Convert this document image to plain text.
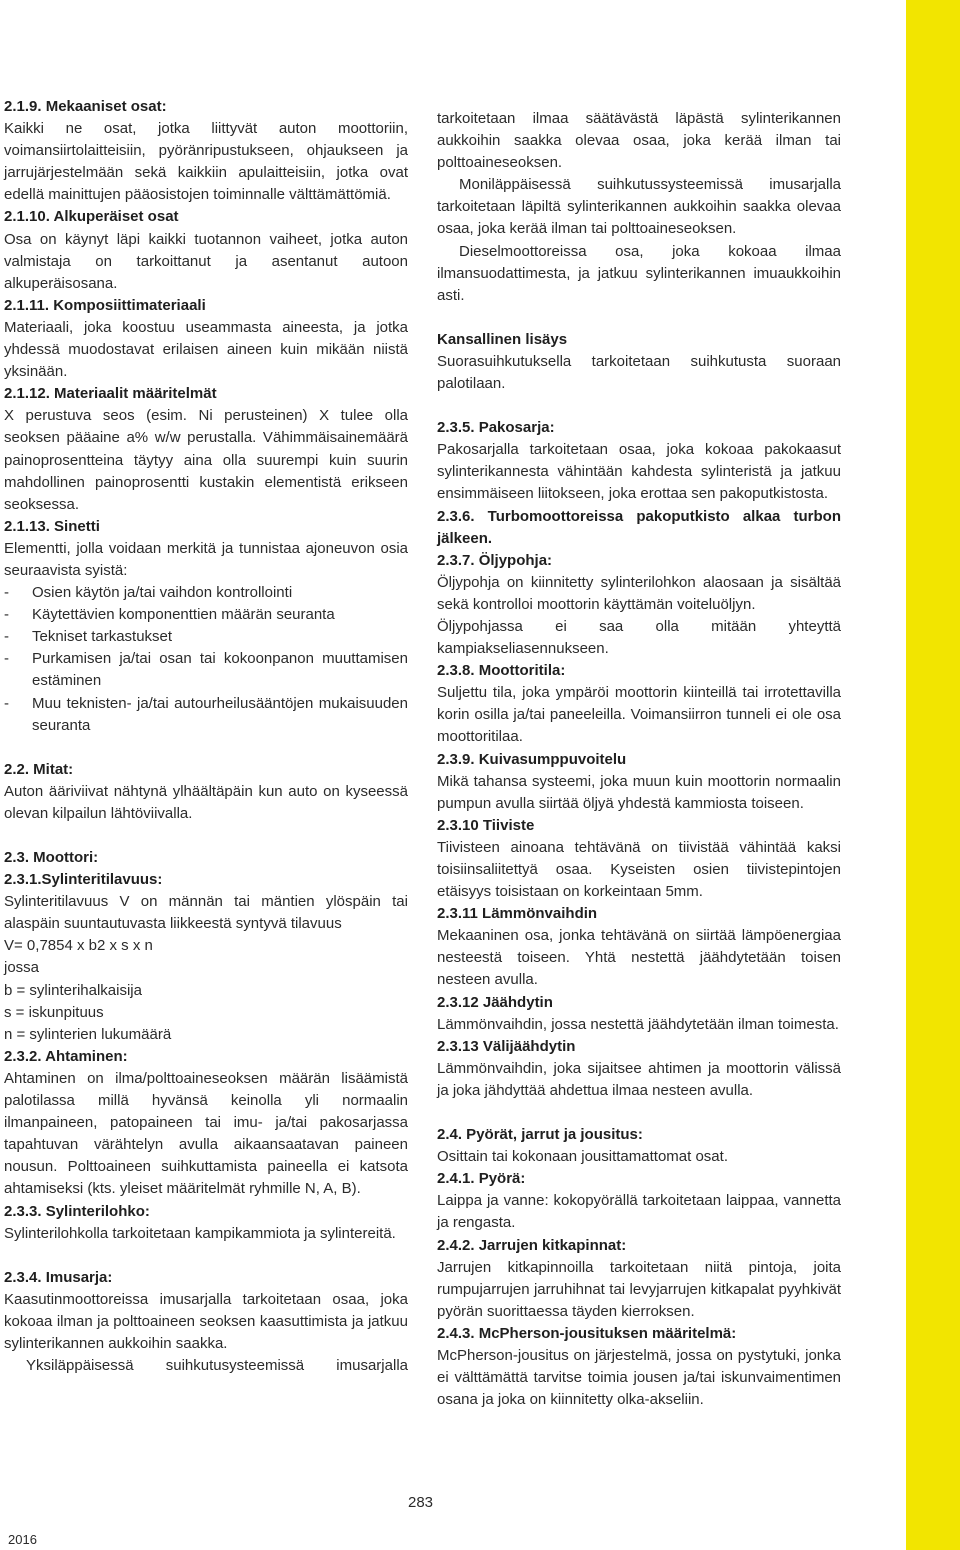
2.1.9. Mekaaniset osat:

Kaikki ne osat, jotka liittyvät auton moottoriin, voimansiirtolaitteisiin, pyöränripustukseen, ohjaukseen ja jarrujärjestelmään sekä kaikkiin apulaitteisiin, jotka ovat edellä mainittujen pääosistojen toiminnalle välttämättömiä.

2.1.10. Alkuperäiset osat

Osa on käynyt läpi kaikki tuotannon vaiheet, jotka auton valmistaja on tarkoittanut ja asentanut autoon alkuperäisosana.

2.1.11. Komposiittimateriaali

Materiaali, joka koostuu useammasta aineesta, ja jotka yhdessä muodostavat erilaisen aineen kuin mikään niistä yksinään.

2.1.12. Materiaalit määritelmät

X perustuva seos (esim. Ni perusteinen) X tulee olla seoksen pääaine a% w/w perustalla. Vähimmäisainemäärä painoprosentteina täytyy aina olla suurempi kuin suurin mahdollinen painoprosentti kustakin elementistä erikseen seoksessa.

2.1.13. Sinetti

Elementti, jolla voidaan merkitä ja tunnistaa ajoneuvon osia seuraavista syistä:

- Osien käytön ja/tai vaihdon kontrollointi
- Käytettävien komponenttien määrän seuranta
- Tekniset tarkastukset
- Purkamisen ja/tai osan tai kokoonpanon muuttamisen estäminen
- Muu teknisten- ja/tai autourheilusääntöjen mukaisuuden seuranta

2.2. Mitat:

Auton ääriviivat nähtynä ylhäältäpäin kun auto on kyseessä olevan kilpailun lähtöviivalla.

2.3. Moottori:

2.3.1.Sylinteritilavuus:

Sylinteritilavuus V on männän tai mäntien ylöspäin tai alaspäin suuntautuvasta liikkeestä syntyvä tilavuus

V= 0,7854 x b2 x s x n

jossa

b = sylinterihalkaisija

s = iskunpituus

n = sylinterien lukumäärä

2.3.2. Ahtaminen:

Ahtaminen on ilma/polttoaineseoksen määrän lisäämistä palotilassa millä hyvänsä keinolla yli normaalin ilmanpaineen, patopaineen tai imu- ja/tai pakosarjassa tapahtuvan värähtelyn avulla aikaansaatavan paineen nousun. Polttoaineen suihkuttamista paineella ei katsota ahtamiseksi (kts. yleiset määritelmät ryhmille N, A, B).

2.3.3. Sylinterilohko:

Sylinterilohkolla tarkoitetaan kampikammiota ja sylintereitä.

2.3.4. Imusarja:

Kaasutinmoottoreissa imusarjalla tarkoitetaan osaa, joka kokoaa ilman ja polttoaineen seoksen kaasuttimista ja jatkuu sylinterikannen aukkoihin saakka.

Yksiläppäisessä suihkutusysteemissä imusarjalla

tarkoitetaan ilmaa säätävästä läpästä sylinterikannen aukkoihin saakka olevaa osaa, joka kerää ilman tai polttoaineseoksen.

Moniläppäisessä suihkutussysteemissä imusarjalla tarkoitetaan läpiltä sylinterikannen aukkoihin saakka olevaa osaa, joka kerää ilman tai polttoaineseoksen.

Dieselmoottoreissa osa, joka kokoaa ilmaa ilmansuodattimesta, ja jatkuu sylinterikannen imuaukkoihin asti.

Kansallinen lisäys

Suorasuihkutuksella tarkoitetaan suihkutusta suoraan palotilaan.

2.3.5. Pakosarja:

Pakosarjalla tarkoitetaan osaa, joka kokoaa pakokaasut sylinterikannesta vähintään kahdesta sylinteristä ja jatkuu ensimmäiseen liitokseen, joka erottaa sen pakoputkistosta.

2.3.6. Turbomoottoreissa pakoputkisto alkaa turbon jälkeen.

2.3.7. Öljypohja:

Öljypohja on kiinnitetty sylinterilohkon alaosaan ja sisältää sekä kontrolloi moottorin käyttämän voiteluöljyn.

Öljypohjassa ei saa olla mitään yhteyttä kampiakseliasennukseen.

2.3.8. Moottoritila:

Suljettu tila, joka ympäröi moottorin kiinteillä tai irrotettavilla korin osilla ja/tai paneeleilla. Voimansiirron tunneli ei ole osa moottoritilaa.

2.3.9. Kuivasumppuvoitelu

Mikä tahansa systeemi, joka muun kuin moottorin normaalin pumpun avulla siirtää öljyä yhdestä kammiosta toiseen.

2.3.10 Tiiviste

Tiivisteen ainoana tehtävänä on tiivistää vähintää kaksi toisiinsaliitettyä osaa. Kyseisten osien tiivistepintojen etäisyys toisistaan on korkeintaan 5mm.

2.3.11 Lämmönvaihdin

Mekaaninen osa, jonka tehtävänä on siirtää lämpöenergiaa nesteestä toiseen. Yhtä nestettä jäähdytetään toisen nesteen avulla.

2.3.12 Jäähdytin

Lämmönvaihdin, jossa nestettä jäähdytetään ilman toimesta.

2.3.13 Välijäähdytin

Lämmönvaihdin, joka sijaitsee ahtimen ja moottorin välissä ja joka jähdyttää ahdettua ilmaa nesteen avulla.

2.4. Pyörät, jarrut ja jousitus:

Osittain tai kokonaan jousittamattomat osat.

2.4.1. Pyörä:

Laippa ja vanne: kokopyörällä tarkoitetaan laippaa, vannetta ja rengasta.

2.4.2. Jarrujen kitkapinnat:

Jarrujen kitkapinnoilla tarkoitetaan niitä pintoja, joita rumpujarrujen jarruhihnat tai levyjarrujen kitkapalat pyyhkivät pyörän suorittaessa täyden kierroksen.

2.4.3. McPherson-jousituksen määritelmä:

McPherson-jousitus on järjestelmä, jossa on pystytuki, jonka ei välttämättä tarvitse toimia jousen ja/tai iskunvaimentimen osana ja joka on kiinnitetty olka-akseliin.

283
2016
